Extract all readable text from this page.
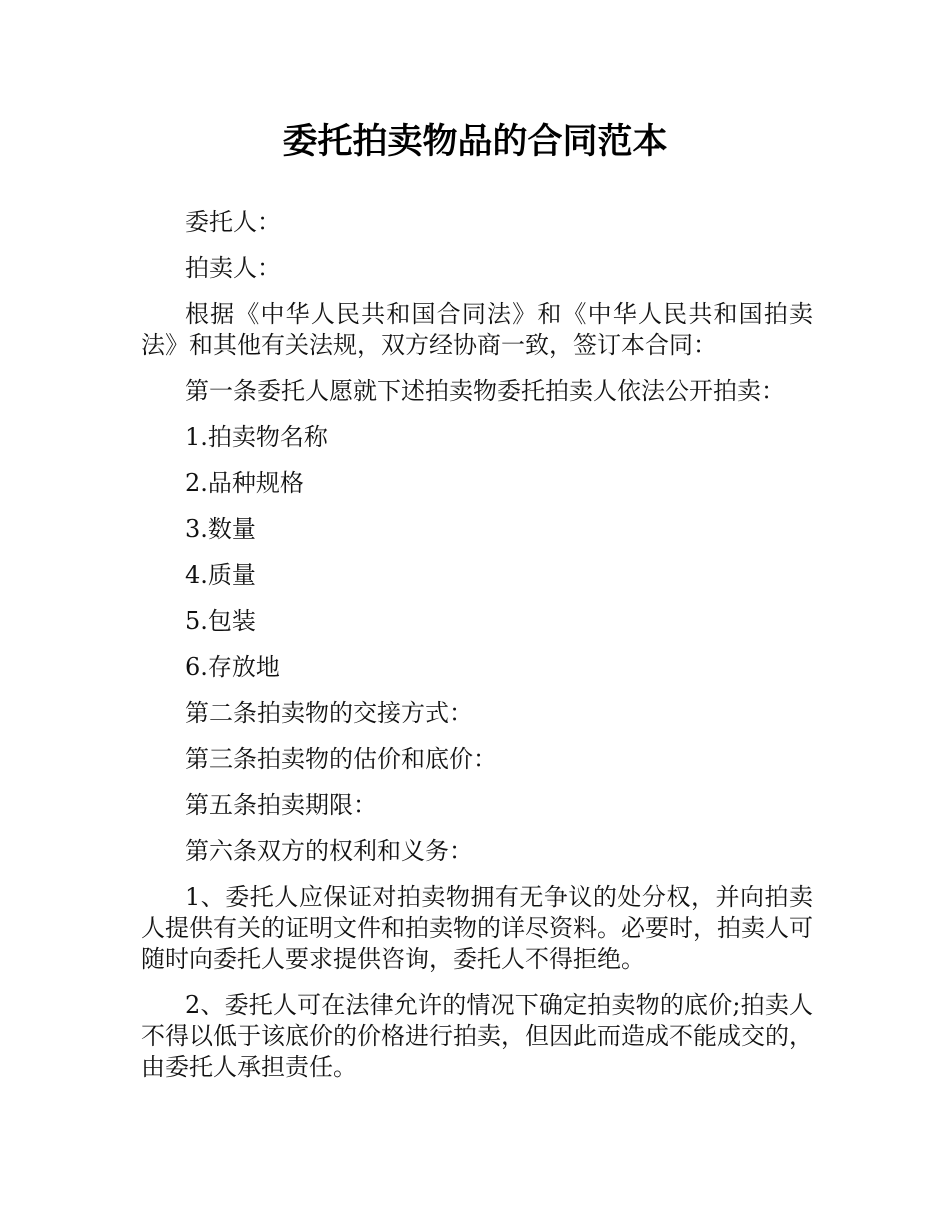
委托拍卖物品的合同范本

委托人：

拍卖人：

根据《中华人民共和国合同法》和《中华人民共和国拍卖法》和其他有关法规，双方经协商一致，签订本合同：

第一条委托人愿就下述拍卖物委托拍卖人依法公开拍卖：

1.拍卖物名称

2.品种规格

3.数量

4.质量

5.包装

6.存放地

第二条拍卖物的交接方式：

第三条拍卖物的估价和底价：

第五条拍卖期限：

第六条双方的权利和义务：

1、委托人应保证对拍卖物拥有无争议的处分权，并向拍卖人提供有关的证明文件和拍卖物的详尽资料。必要时，拍卖人可随时向委托人要求提供咨询，委托人不得拒绝。

2、委托人可在法律允许的情况下确定拍卖物的底价;拍卖人不得以低于该底价的价格进行拍卖，但因此而造成不能成交的，由委托人承担责任。
